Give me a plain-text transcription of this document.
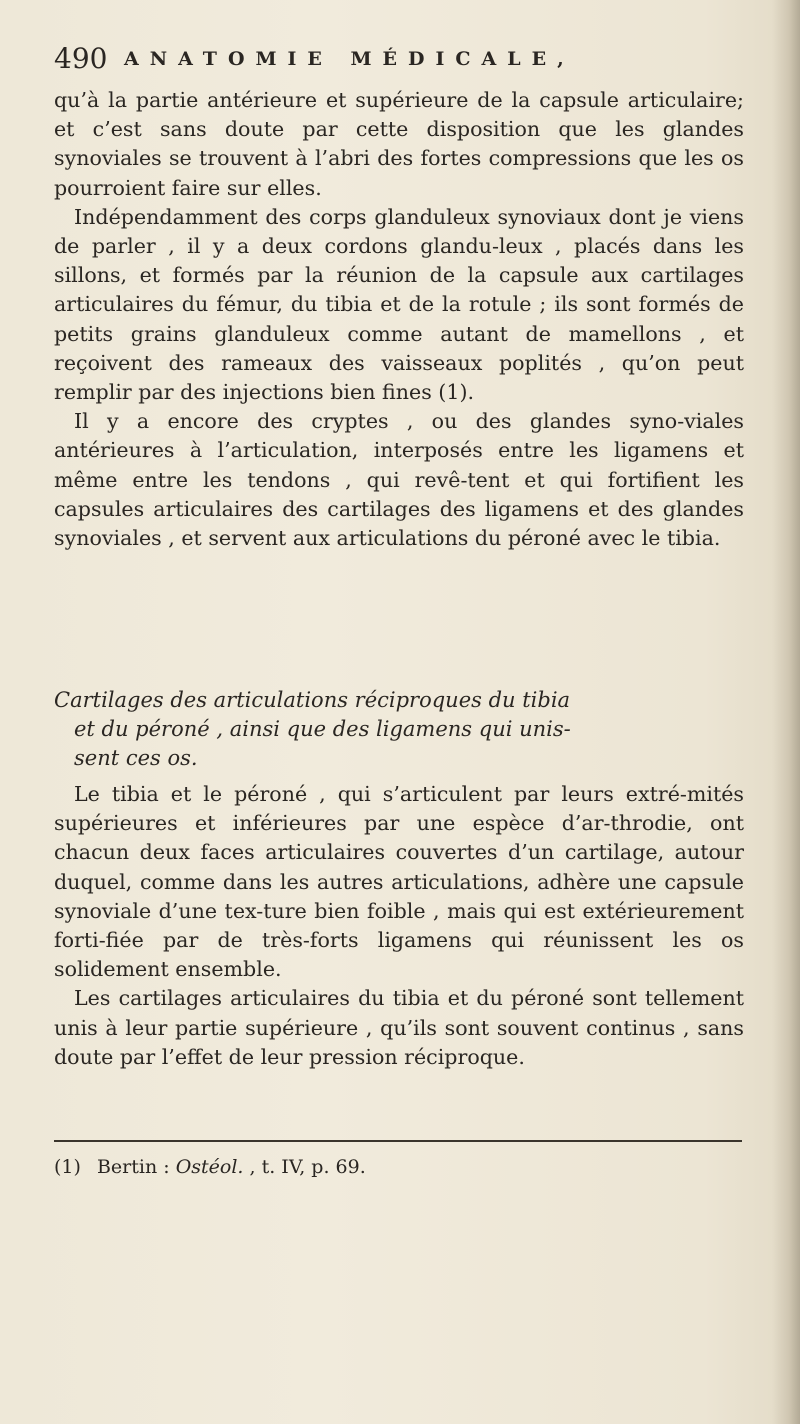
490 ANATOMIE MÉDICALE,

qu’à la partie antérieure et supérieure de la capsule articulaire; et c’est sans doute par cette disposition que les glandes synoviales se trouvent à l’abri des fortes compressions que les os pourroient faire sur elles.

Indépendamment des corps glanduleux synoviaux dont je viens de parler , il y a deux cordons glandu-leux , placés dans les sillons, et formés par la réunion de la capsule aux cartilages articulaires du fémur, du tibia et de la rotule ; ils sont formés de petits grains glanduleux comme autant de mamellons , et reçoivent des rameaux des vaisseaux poplités , qu’on peut remplir par des injections bien fines (1).

Il y a encore des cryptes , ou des glandes syno-viales antérieures à l’articulation, interposés entre les ligamens et même entre les tendons , qui revê-tent et qui fortifient les capsules articulaires des cartilages des ligamens et des glandes synoviales , et servent aux articulations du péroné avec le tibia.

Cartilages des articulations réciproques du tibia
et du péroné , ainsi que des ligamens qui unis-
sent ces os.

Le tibia et le péroné , qui s’articulent par leurs extré-mités supérieures et inférieures par une espèce d’ar-throdie, ont chacun deux faces articulaires couvertes d’un cartilage, autour duquel, comme dans les autres articulations, adhère une capsule synoviale d’une tex-ture bien foible , mais qui est extérieurement forti-fiée par de très-forts ligamens qui réunissent les os solidement ensemble.

Les cartilages articulaires du tibia et du péroné sont tellement unis à leur partie supérieure , qu’ils sont souvent continus , sans doute par l’effet de leur pression réciproque.

(1) Bertin : Ostéol. , t. IV, p. 69.
